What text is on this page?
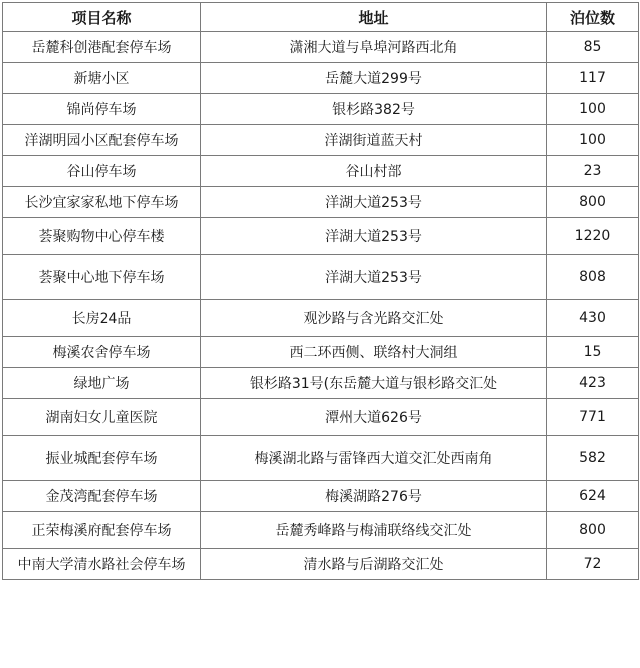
项目名称	地址	泊位数
岳麓科创港配套停车场	潇湘大道与阜埠河路西北角	85
新塘小区	岳麓大道299号	117
锦尚停车场	银杉路382号	100
洋湖明园小区配套停车场	洋湖街道蓝天村	100
谷山停车场	谷山村部	23
长沙宜家家私地下停车场	洋湖大道253号	800
荟聚购物中心停车楼	洋湖大道253号	1220
荟聚中心地下停车场	洋湖大道253号	808
长房24品	观沙路与含光路交汇处	430
梅溪农舍停车场	西二环西侧、联络村大洞组	15
绿地广场	银杉路31号(东岳麓大道与银杉路交汇处	423
湖南妇女儿童医院	潭州大道626号	771
振业城配套停车场	梅溪湖北路与雷锋西大道交汇处西南角	582
金茂湾配套停车场	梅溪湖路276号	624
正荣梅溪府配套停车场	岳麓秀峰路与梅浦联络线交汇处	800
中南大学清水路社会停车场	清水路与后湖路交汇处	72
